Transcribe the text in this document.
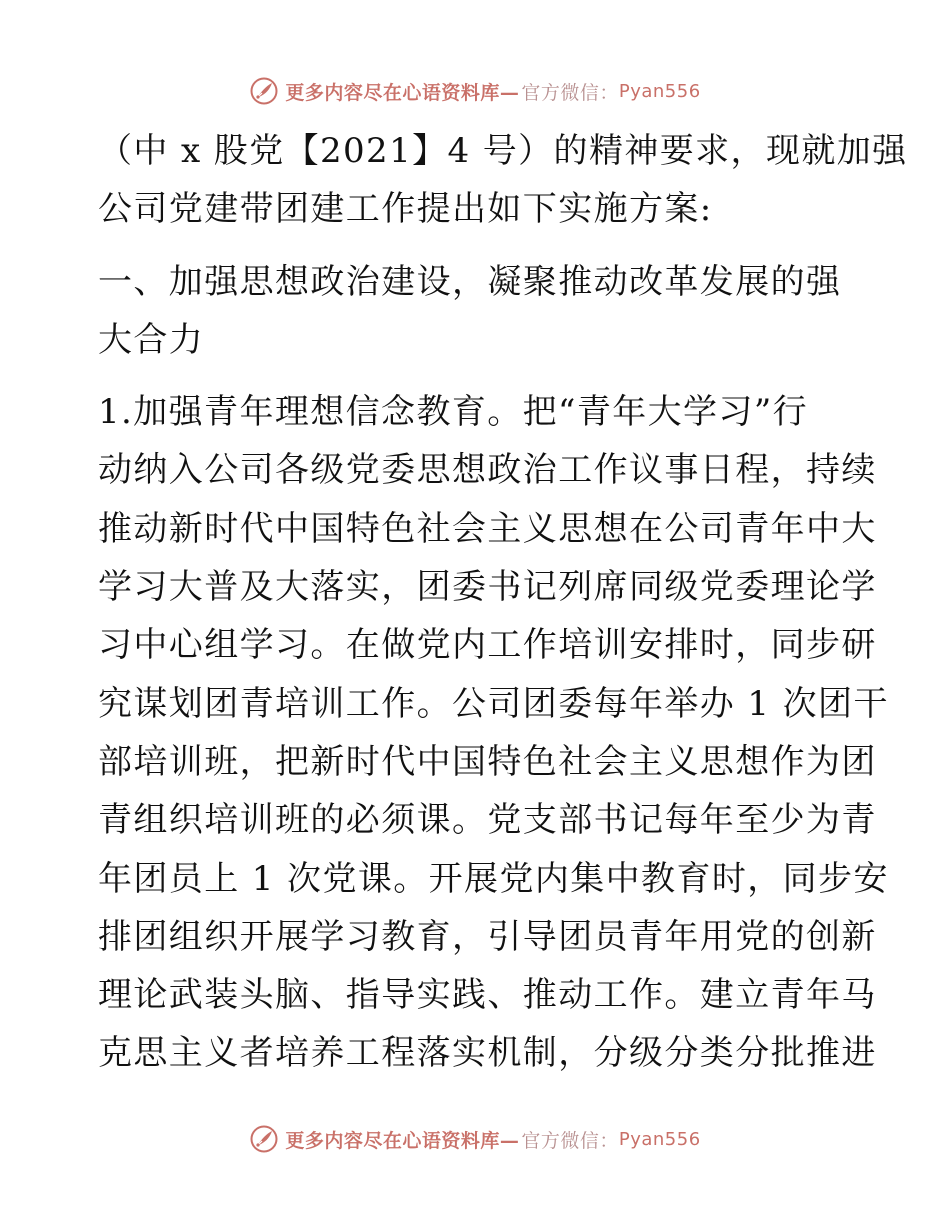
更多内容尽在心语资料库— 官方微信： Pyan556
（中 x 股党【2021】4 号）的精神要求，现就加强
公司党建带团建工作提出如下实施方案:
一、加强思想政治建设，凝聚推动改革发展的强
大合力
1.加强青年理想信念教育。把“青年大学习”行
动纳入公司各级党委思想政治工作议事日程，持续
推动新时代中国特色社会主义思想在公司青年中大
学习大普及大落实，团委书记列席同级党委理论学
习中心组学习。在做党内工作培训安排时，同步研
究谋划团青培训工作。公司团委每年举办 1 次团干
部培训班，把新时代中国特色社会主义思想作为团
青组织培训班的必须课。党支部书记每年至少为青
年团员上 1 次党课。开展党内集中教育时，同步安
排团组织开展学习教育，引导团员青年用党的创新
理论武装头脑、指导实践、推动工作。建立青年马
克思主义者培养工程落实机制，分级分类分批推进
更多内容尽在心语资料库— 官方微信： Pyan556
